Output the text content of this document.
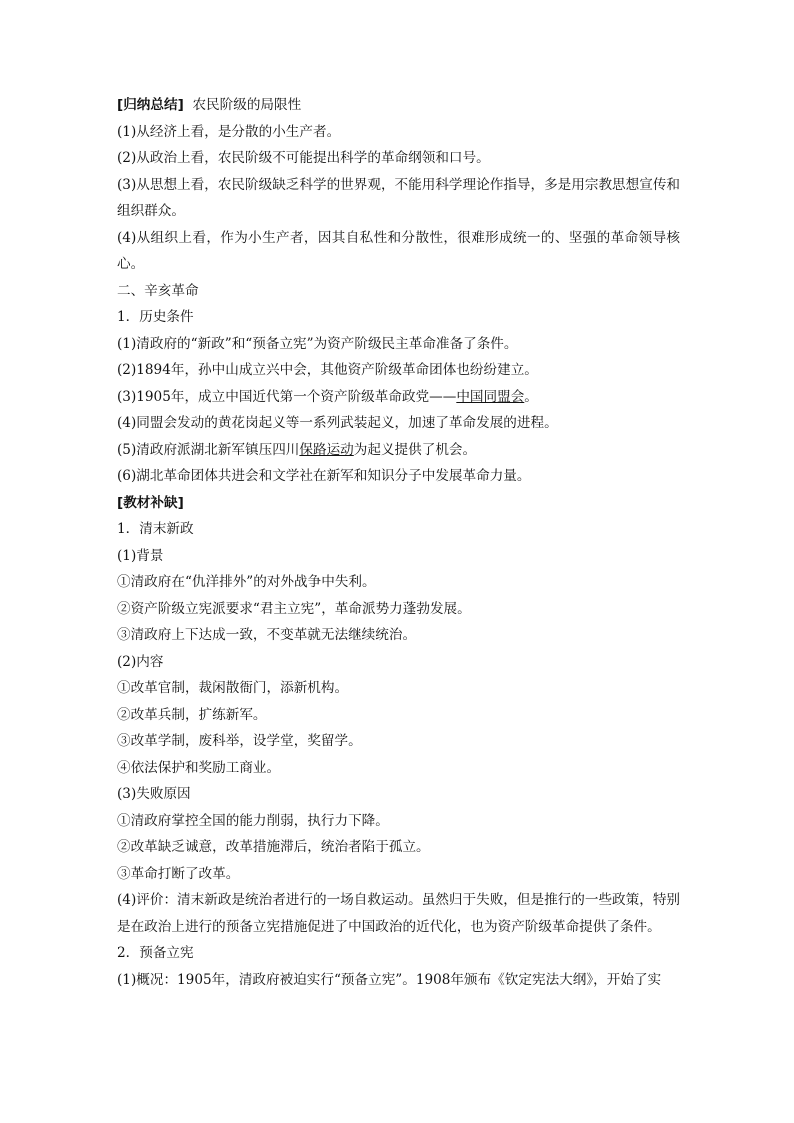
[归纳总结]  农民阶级的局限性

(1)从经济上看，是分散的小生产者。

(2)从政治上看，农民阶级不可能提出科学的革命纲领和口号。

(3)从思想上看，农民阶级缺乏科学的世界观，不能用科学理论作指导，多是用宗教思想宣传和组织群众。

(4)从组织上看，作为小生产者，因其自私性和分散性，很难形成统一的、坚强的革命领导核心。

二、辛亥革命

1．历史条件

(1)清政府的“新政”和“预备立宪”为资产阶级民主革命准备了条件。

(2)1894年，孙中山成立兴中会，其他资产阶级革命团体也纷纷建立。

(3)1905年，成立中国近代第一个资产阶级革命政党——中国同盟会。

(4)同盟会发动的黄花岗起义等一系列武装起义，加速了革命发展的进程。

(5)清政府派湖北新军镇压四川保路运动为起义提供了机会。

(6)湖北革命团体共进会和文学社在新军和知识分子中发展革命力量。

[教材补缺]

1．清末新政

(1)背景

①清政府在“仇洋排外”的对外战争中失利。

②资产阶级立宪派要求“君主立宪”，革命派势力蓬勃发展。

③清政府上下达成一致，不变革就无法继续统治。

(2)内容

①改革官制，裁闲散衙门，添新机构。

②改革兵制，扩练新军。

③改革学制，废科举，设学堂，奖留学。

④依法保护和奖励工商业。

(3)失败原因

①清政府掌控全国的能力削弱，执行力下降。

②改革缺乏诚意，改革措施滞后，统治者陷于孤立。

③革命打断了改革。

(4)评价：清末新政是统治者进行的一场自救运动。虽然归于失败，但是推行的一些政策，特别是在政治上进行的预备立宪措施促进了中国政治的近代化，也为资产阶级革命提供了条件。

2．预备立宪

(1)概况：1905年，清政府被迫实行“预备立宪”。1908年颁布《钦定宪法大纲》，开始了实
